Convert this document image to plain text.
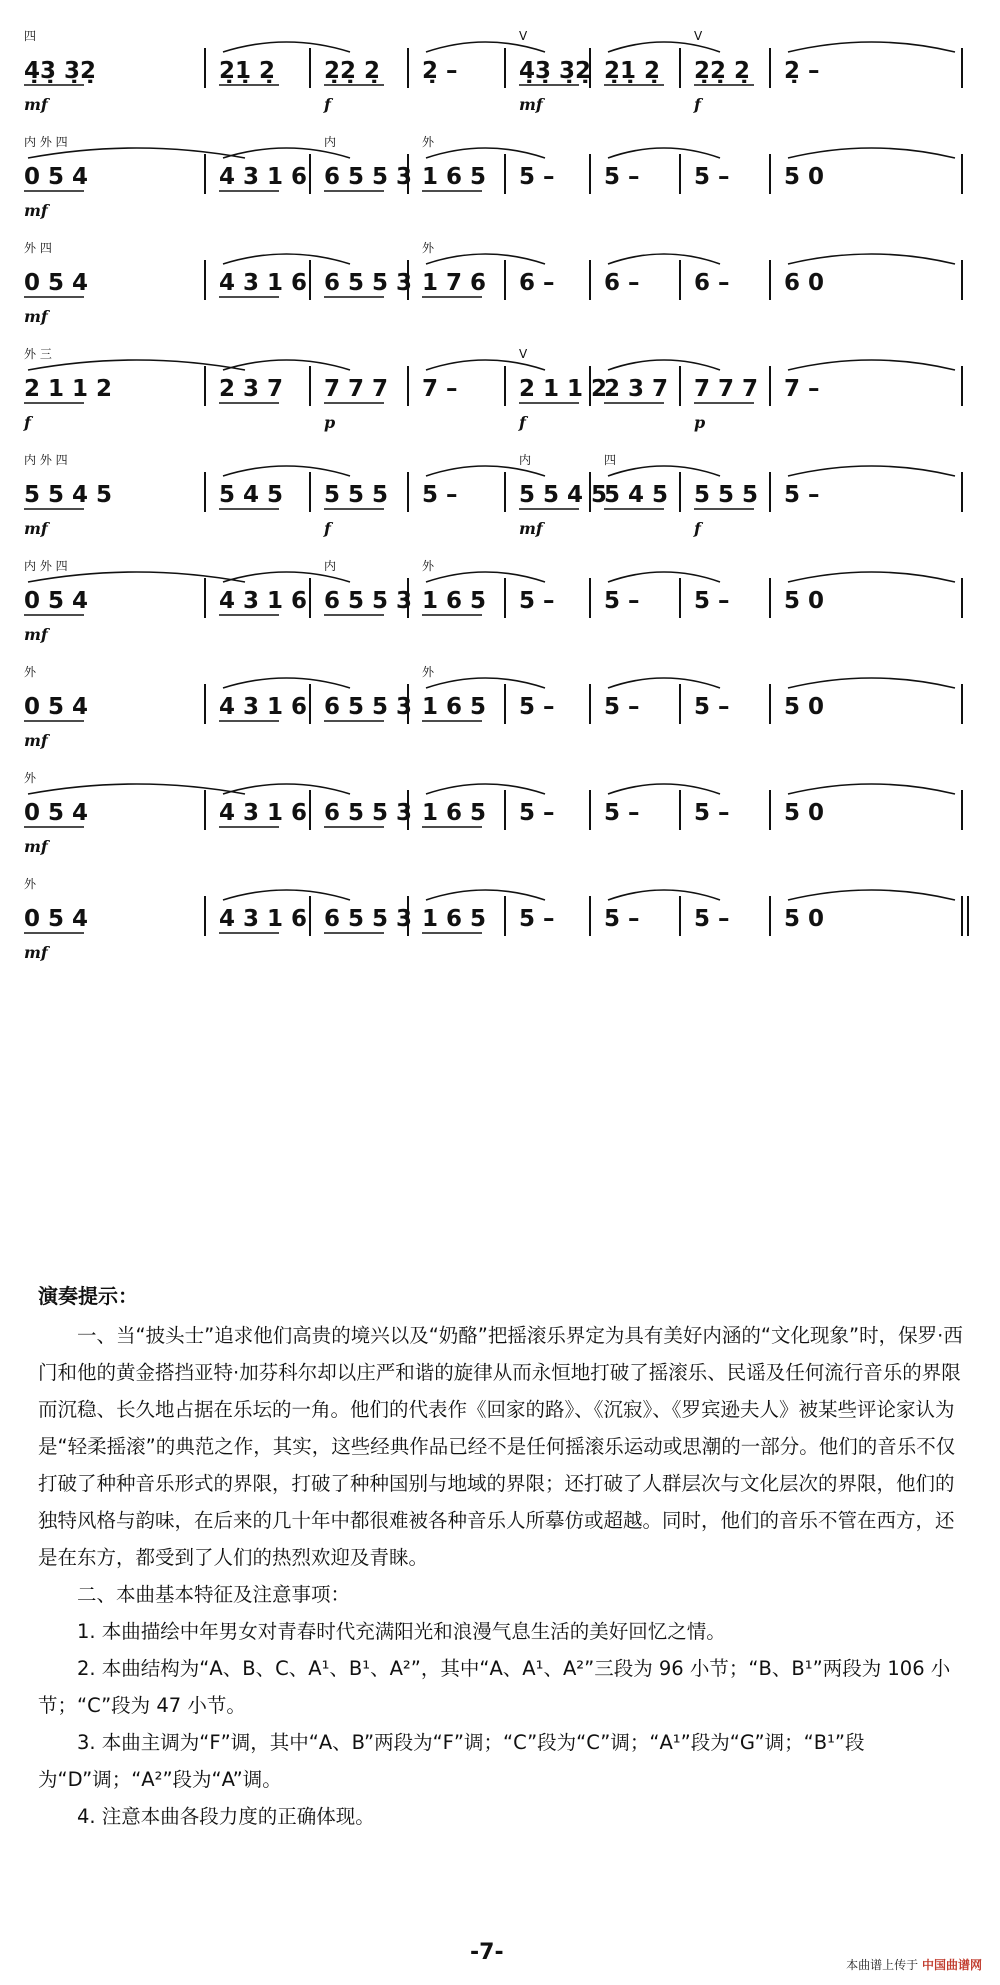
4̣3̣ 3̣2̣
mf
四
2̣1̣ 2̣ 2̣2̣ 2̣
f
2̣ –	4̣3̣ 3̣2̣
mf
V
2̣1̣ 2̣ 2̣2̣ 2̣
f
V
2̣ –
0 5 4
mf
内 外 四
4 3 1 6 6 5 5 3
内
1 6 5
外
5 – 5 – 5 – 5 0
0 5 4
mf
外 四
4 3 1 6 6 5 5 3 1 7 6
外
6 – 6 – 6 – 6 0
2 1 1 2
f
外 三
2 3 7 7 7 7
p
7 –	2 1 1 2
f
V
2 3 7 7 7 7
p
7 –
5 5 4 5
mf
内 外 四
5 4 5 5 5 5
f
5 –	5 5 4 5
mf
内
5 4 5
四
5 5 5
f
5 –
0 5 4
mf
内 外 四
4 3 1 6 6 5 5 3
内
1 6 5
外
5 – 5 – 5 – 5 0
0 5 4
mf
外
4 3 1 6 6 5 5 3 1 6 5
外
5 – 5 – 5 – 5 0
0 5 4
mf
外
4 3 1 6 6 5 5 3 1 6 5 5 – 5 – 5 – 5 0
0 5 4
mf
外
4 3 1 6 6 5 5 3 1 6 5 5 – 5 – 5 – 5 0
演奏提示：

一、当“披头士”追求他们高贵的境兴以及“奶酪”把摇滚乐界定为具有美好内涵的“文化现象”时，保罗·西门和他的黄金搭挡亚特·加芬科尔却以庄严和谐的旋律从而永恒地打破了摇滚乐、民谣及任何流行音乐的界限而沉稳、长久地占据在乐坛的一角。他们的代表作《回家的路》、《沉寂》、《罗宾逊夫人》被某些评论家认为是“轻柔摇滚”的典范之作，其实，这些经典作品已经不是任何摇滚乐运动或思潮的一部分。他们的音乐不仅打破了种种音乐形式的界限，打破了种种国别与地域的界限；还打破了人群层次与文化层次的界限，他们的独特风格与韵味，在后来的几十年中都很难被各种音乐人所摹仿或超越。同时，他们的音乐不管在西方，还是在东方，都受到了人们的热烈欢迎及青睐。

二、本曲基本特征及注意事项：

1. 本曲描绘中年男女对青春时代充满阳光和浪漫气息生活的美好回忆之情。

2. 本曲结构为“A、B、C、A¹、B¹、A²”，其中“A、A¹、A²”三段为 96 小节；“B、B¹”两段为 106 小节；“C”段为 47 小节。

3. 本曲主调为“F”调，其中“A、B”两段为“F”调；“C”段为“C”调；“A¹”段为“G”调；“B¹”段为“D”调；“A²”段为“A”调。

4. 注意本曲各段力度的正确体现。

-7-	本曲谱上传于 中国曲谱网
